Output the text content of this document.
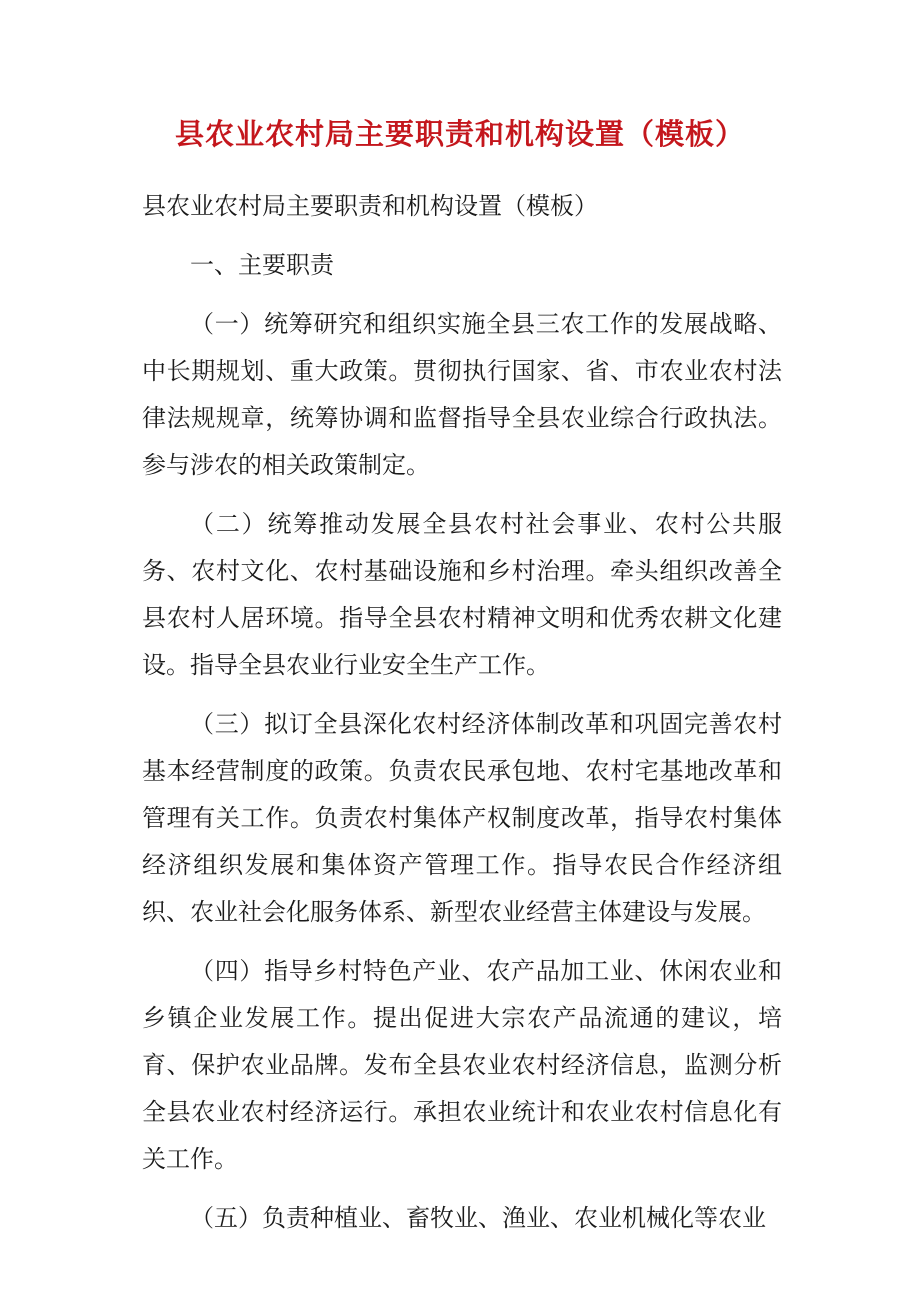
县农业农村局主要职责和机构设置（模板）

县农业农村局主要职责和机构设置（模板）

一、主要职责

（一）统筹研究和组织实施全县三农工作的发展战略、中长期规划、重大政策。贯彻执行国家、省、市农业农村法律法规规章，统筹协调和监督指导全县农业综合行政执法。参与涉农的相关政策制定。

（二）统筹推动发展全县农村社会事业、农村公共服务、农村文化、农村基础设施和乡村治理。牵头组织改善全县农村人居环境。指导全县农村精神文明和优秀农耕文化建设。指导全县农业行业安全生产工作。

（三）拟订全县深化农村经济体制改革和巩固完善农村基本经营制度的政策。负责农民承包地、农村宅基地改革和管理有关工作。负责农村集体产权制度改革，指导农村集体经济组织发展和集体资产管理工作。指导农民合作经济组织、农业社会化服务体系、新型农业经营主体建设与发展。

（四）指导乡村特色产业、农产品加工业、休闲农业和乡镇企业发展工作。提出促进大宗农产品流通的建议，培育、保护农业品牌。发布全县农业农村经济信息，监测分析全县农业农村经济运行。承担农业统计和农业农村信息化有关工作。

（五）负责种植业、畜牧业、渔业、农业机械化等农业
